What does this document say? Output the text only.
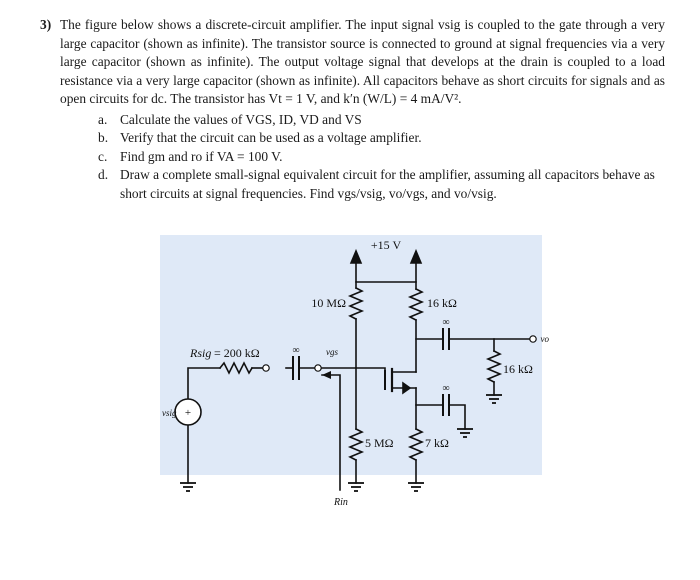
3) The figure below shows a discrete-circuit amplifier. The input signal vsig is coupled to the gate through a very large capacitor (shown as infinite). The transistor source is connected to ground at signal frequencies via a very large capacitor (shown as infinite). The output voltage signal that develops at the drain is coupled to a load resistance via a very large capacitor (shown as infinite). All capacitors behave as short circuits for signals and as open circuits for dc. The transistor has Vt = 1 V, and k′n (W/L) = 4 mA/V².
a. Calculate the values of VGS, ID, VD and VS
b. Verify that the circuit can be used as a voltage amplifier.
c. Find gm and ro if VA = 100 V.
d. Draw a complete small-signal equivalent circuit for the amplifier, assuming all capacitors behave as short circuits at signal frequencies. Find vgs/vsig, vo/vgs, and vo/vsig.
+15 V
10 MΩ
5 MΩ
16 kΩ
7 kΩ
16 kΩ
Rsig = 200 kΩ	∞
∞
∞
vgs
vo
vsig +
Rin
